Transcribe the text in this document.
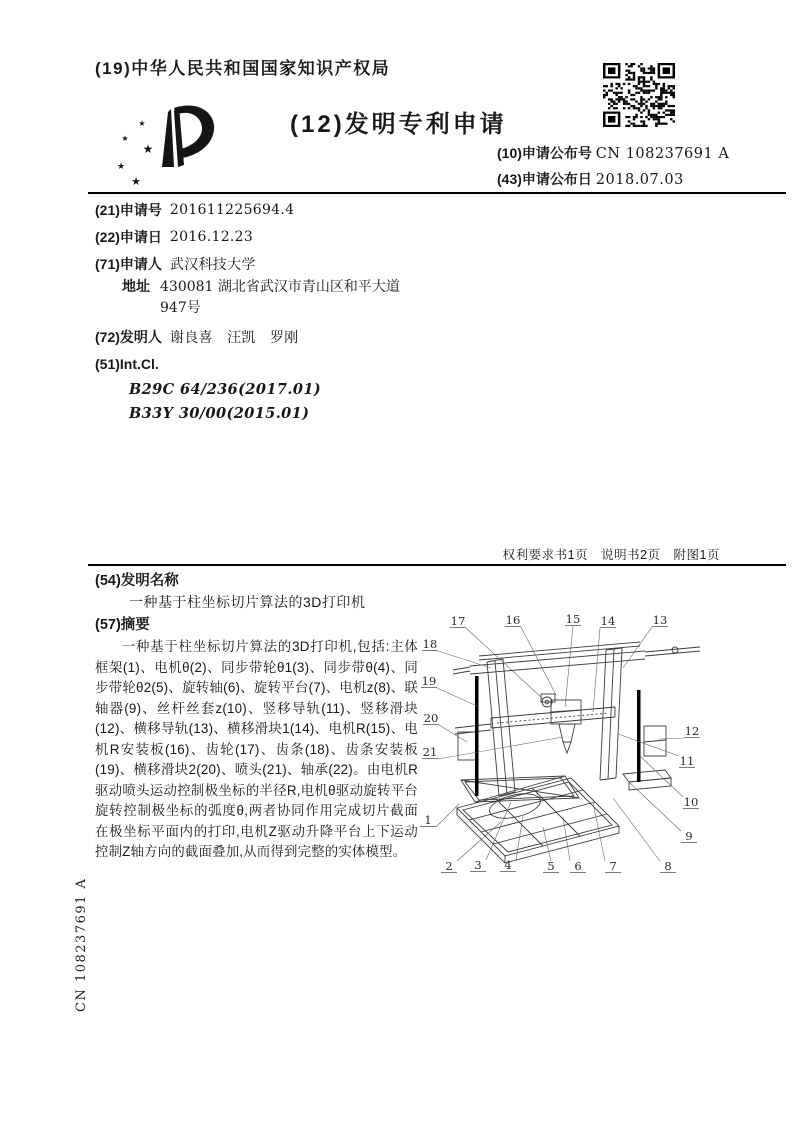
(19)中华人民共和国国家知识产权局
★
★
★
★
★
(12)发明专利申请
(10)申请公布号 CN 108237691 A
(43)申请公布日 2018.07.03
(21)申请号 201611225694.4
(22)申请日 2016.12.23
(71)申请人 武汉科技大学
地址 430081 湖北省武汉市青山区和平大道947号
(72)发明人 谢良喜　汪凯　罗刚
(51)Int.Cl.
B29C 64/236(2017.01)
B33Y 30/00(2015.01)
权利要求书1页　说明书2页　附图1页
(54)发明名称
一种基于柱坐标切片算法的3D打印机
(57)摘要

一种基于柱坐标切片算法的3D打印机,包括:主体框架(1)、电机θ(2)、同步带轮θ1(3)、同步带θ(4)、同步带轮θ2(5)、旋转轴(6)、旋转平台(7)、电机z(8)、联轴器(9)、丝杆丝套z(10)、竖移导轨(11)、竖移滑块(12)、横移导轨(13)、横移滑块1(14)、电机R(15)、电机R安装板(16)、齿轮(17)、齿条(18)、齿条安装板(19)、横移滑块2(20)、喷头(21)、轴承(22)。由电机R驱动喷头运动控制极坐标的半径R,电机θ驱动旋转平台旋转控制极坐标的弧度θ,两者协同作用完成切片截面在极坐标平面内的打印,电机Z驱动升降平台上下运动控制Z轴方向的截面叠加,从而得到完整的实体模型。

17	16	15 14	13
18
19
20
21
12
11
10
9
8
1
2 3 4	5 6 7
CN 108237691 A
